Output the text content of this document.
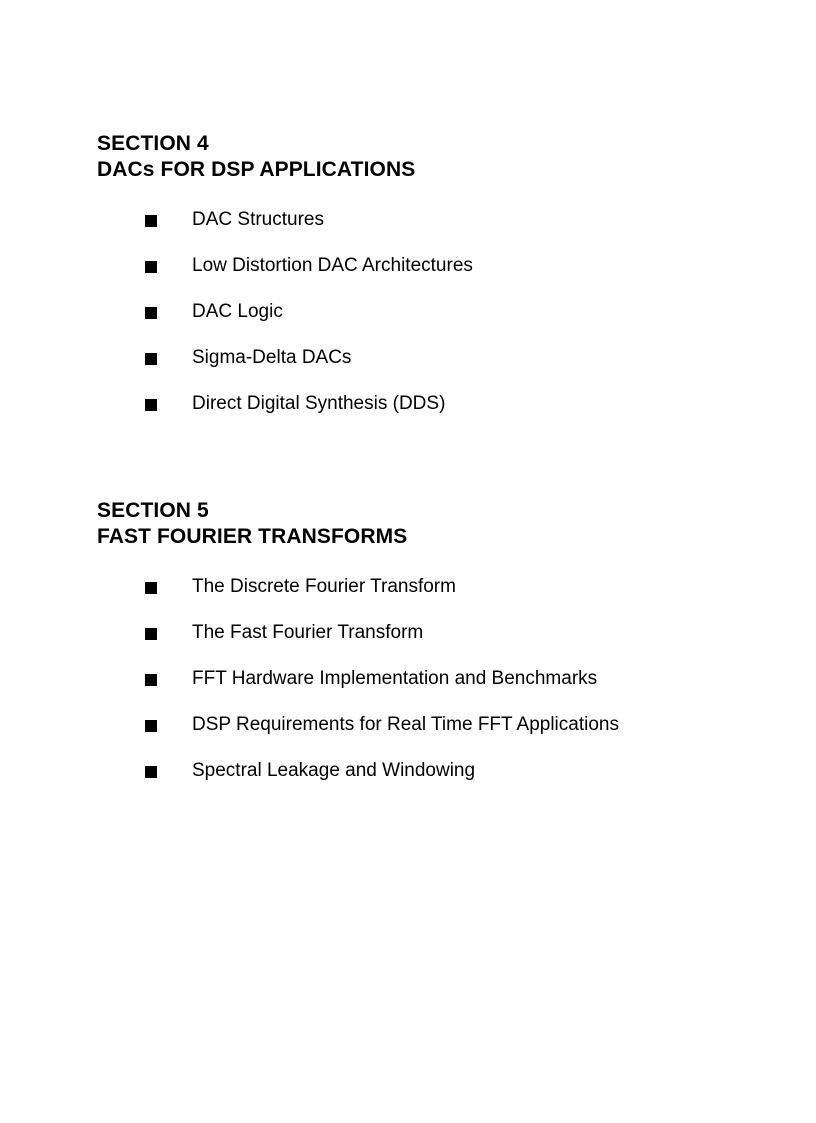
SECTION 4
DACs FOR DSP APPLICATIONS
DAC Structures
Low Distortion DAC Architectures
DAC Logic
Sigma-Delta DACs
Direct Digital Synthesis (DDS)
SECTION 5
FAST FOURIER TRANSFORMS
The Discrete Fourier Transform
The Fast Fourier Transform
FFT Hardware Implementation and Benchmarks
DSP Requirements for Real Time FFT Applications
Spectral Leakage and Windowing
